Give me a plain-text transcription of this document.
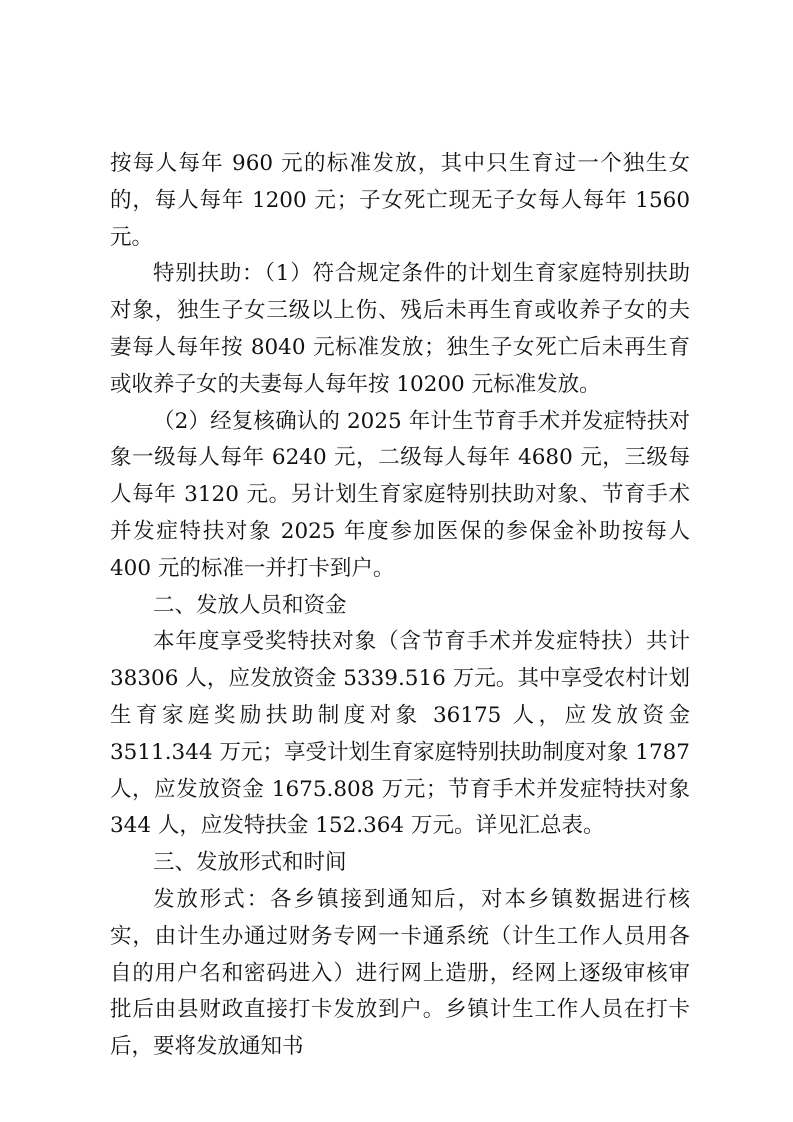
按每人每年 960 元的标准发放，其中只生育过一个独生女的，每人每年 1200 元；子女死亡现无子女每人每年 1560 元。

特别扶助：（1）符合规定条件的计划生育家庭特别扶助对象，独生子女三级以上伤、残后未再生育或收养子女的夫妻每人每年按 8040 元标准发放；独生子女死亡后未再生育或收养子女的夫妻每人每年按 10200 元标准发放。

（2）经复核确认的 2025 年计生节育手术并发症特扶对象一级每人每年 6240 元，二级每人每年 4680 元，三级每人每年 3120 元。另计划生育家庭特别扶助对象、节育手术并发症特扶对象 2025 年度参加医保的参保金补助按每人 400 元的标准一并打卡到户。

二、发放人员和资金

本年度享受奖特扶对象（含节育手术并发症特扶）共计 38306 人，应发放资金 5339.516 万元。其中享受农村计划生育家庭奖励扶助制度对象 36175 人，应发放资金 3511.344 万元；享受计划生育家庭特别扶助制度对象 1787 人，应发放资金 1675.808 万元；节育手术并发症特扶对象 344 人，应发特扶金 152.364 万元。详见汇总表。

三、发放形式和时间

发放形式：各乡镇接到通知后，对本乡镇数据进行核实，由计生办通过财务专网一卡通系统（计生工作人员用各自的用户名和密码进入）进行网上造册，经网上逐级审核审批后由县财政直接打卡发放到户。乡镇计生工作人员在打卡后，要将发放通知书
